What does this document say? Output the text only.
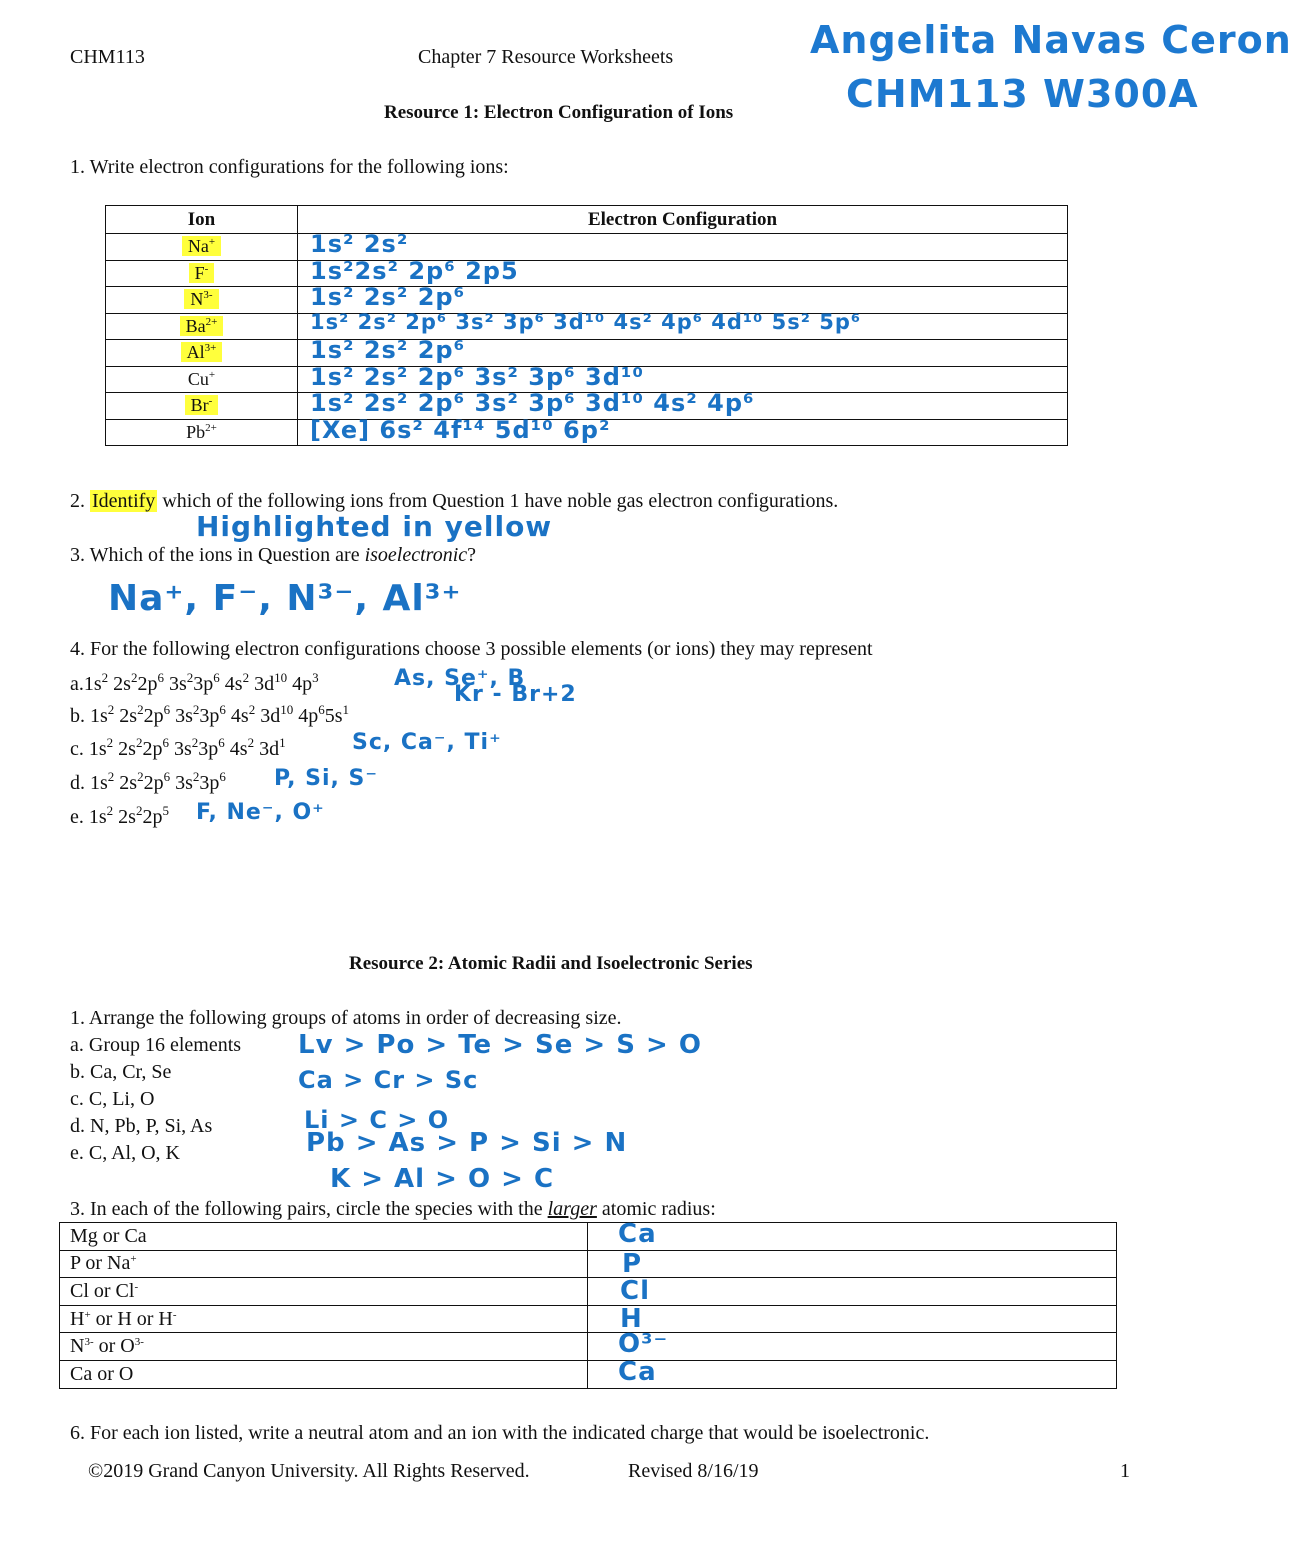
CHM113	Chapter 7 Resource Worksheets	Angelita Navas Ceron
CHM113 W300A
Resource 1: Electron Configuration of Ions
1. Write electron configurations for the following ions:
Ion	Electron Configuration
Na+	1s² 2s²

F-	1s²2s² 2p⁶ 2p5

$N^{3-}$	1s² 2s² 2p⁶

$Ba^{2+}$	1s² 2s² 2p⁶ 3s² 3p⁶ 3d¹⁰ 4s² 4p⁶ 4d¹⁰ 5s² 5p⁶

$Al^{3+}$	1s² 2s² 2p⁶

Cu+	1s² 2s² 2p⁶ 3s² 3p⁶ 3d¹⁰

Br-	1s² 2s² 2p⁶ 3s² 3p⁶ 3d¹⁰ 4s² 4p⁶

$Pb^{2+}$	[Xe] 6s² 4f¹⁴ 5d¹⁰ 6p²
2. Identify which of the following ions from Question 1 have noble gas electron configurations.
Highlighted in yellow
3. Which of the ions in Question are isoelectronic?
Na⁺, F⁻, N³⁻, Al³⁺
4. For the following electron configurations choose 3 possible elements (or ions) they may represent
$a.1s^2$ $2s^22p^6$ $3s^23p^6$ $4s^2$ $3d^{10}$ $4p^3$	As, Se⁺, B
b. $1s^2$ $2s^22p^6$ $3s^23p^6$ $4s^2$ $3d^{10}$ $4p^65s^1$
Kr - Br+2
c. $1s^2$ $2s^22p^6$ $3s^23p^6$ $4s^2$ $3d^1$	Sc, Ca⁻, Ti⁺
d. $1s^2$ $2s^22p^6$ $3s^23p^6$ P, Si, S⁻
e. $1s^2$ $2s^22p^5$ F, Ne⁻, O⁺
Resource 2: Atomic Radii and Isoelectronic Series
1. Arrange the following groups of atoms in order of decreasing size.
a. Group 16 elements Lv > Po > Te > Se > S > O
b. Ca, Cr, Se	Ca > Cr > Sc
c. C, Li, O
Li > C > O
d. N, Pb, P, Si, As
Pb > As > P > Si > N
e. C, Al, O, K
K > Al > O > C
3. In each of the following pairs, circle the species with the larger atomic radius:
Mg or Ca	Ca

P or Na+	P

Cl or Cl-	Cl

H+ or H or H-	H

$N^{3-}$ or $O^{3-}$	O³⁻

Ca or O	Ca
6. For each ion listed, write a neutral atom and an ion with the indicated charge that would be isoelectronic.
©2019 Grand Canyon University. All Rights Reserved.	Revised 8/16/19	1
